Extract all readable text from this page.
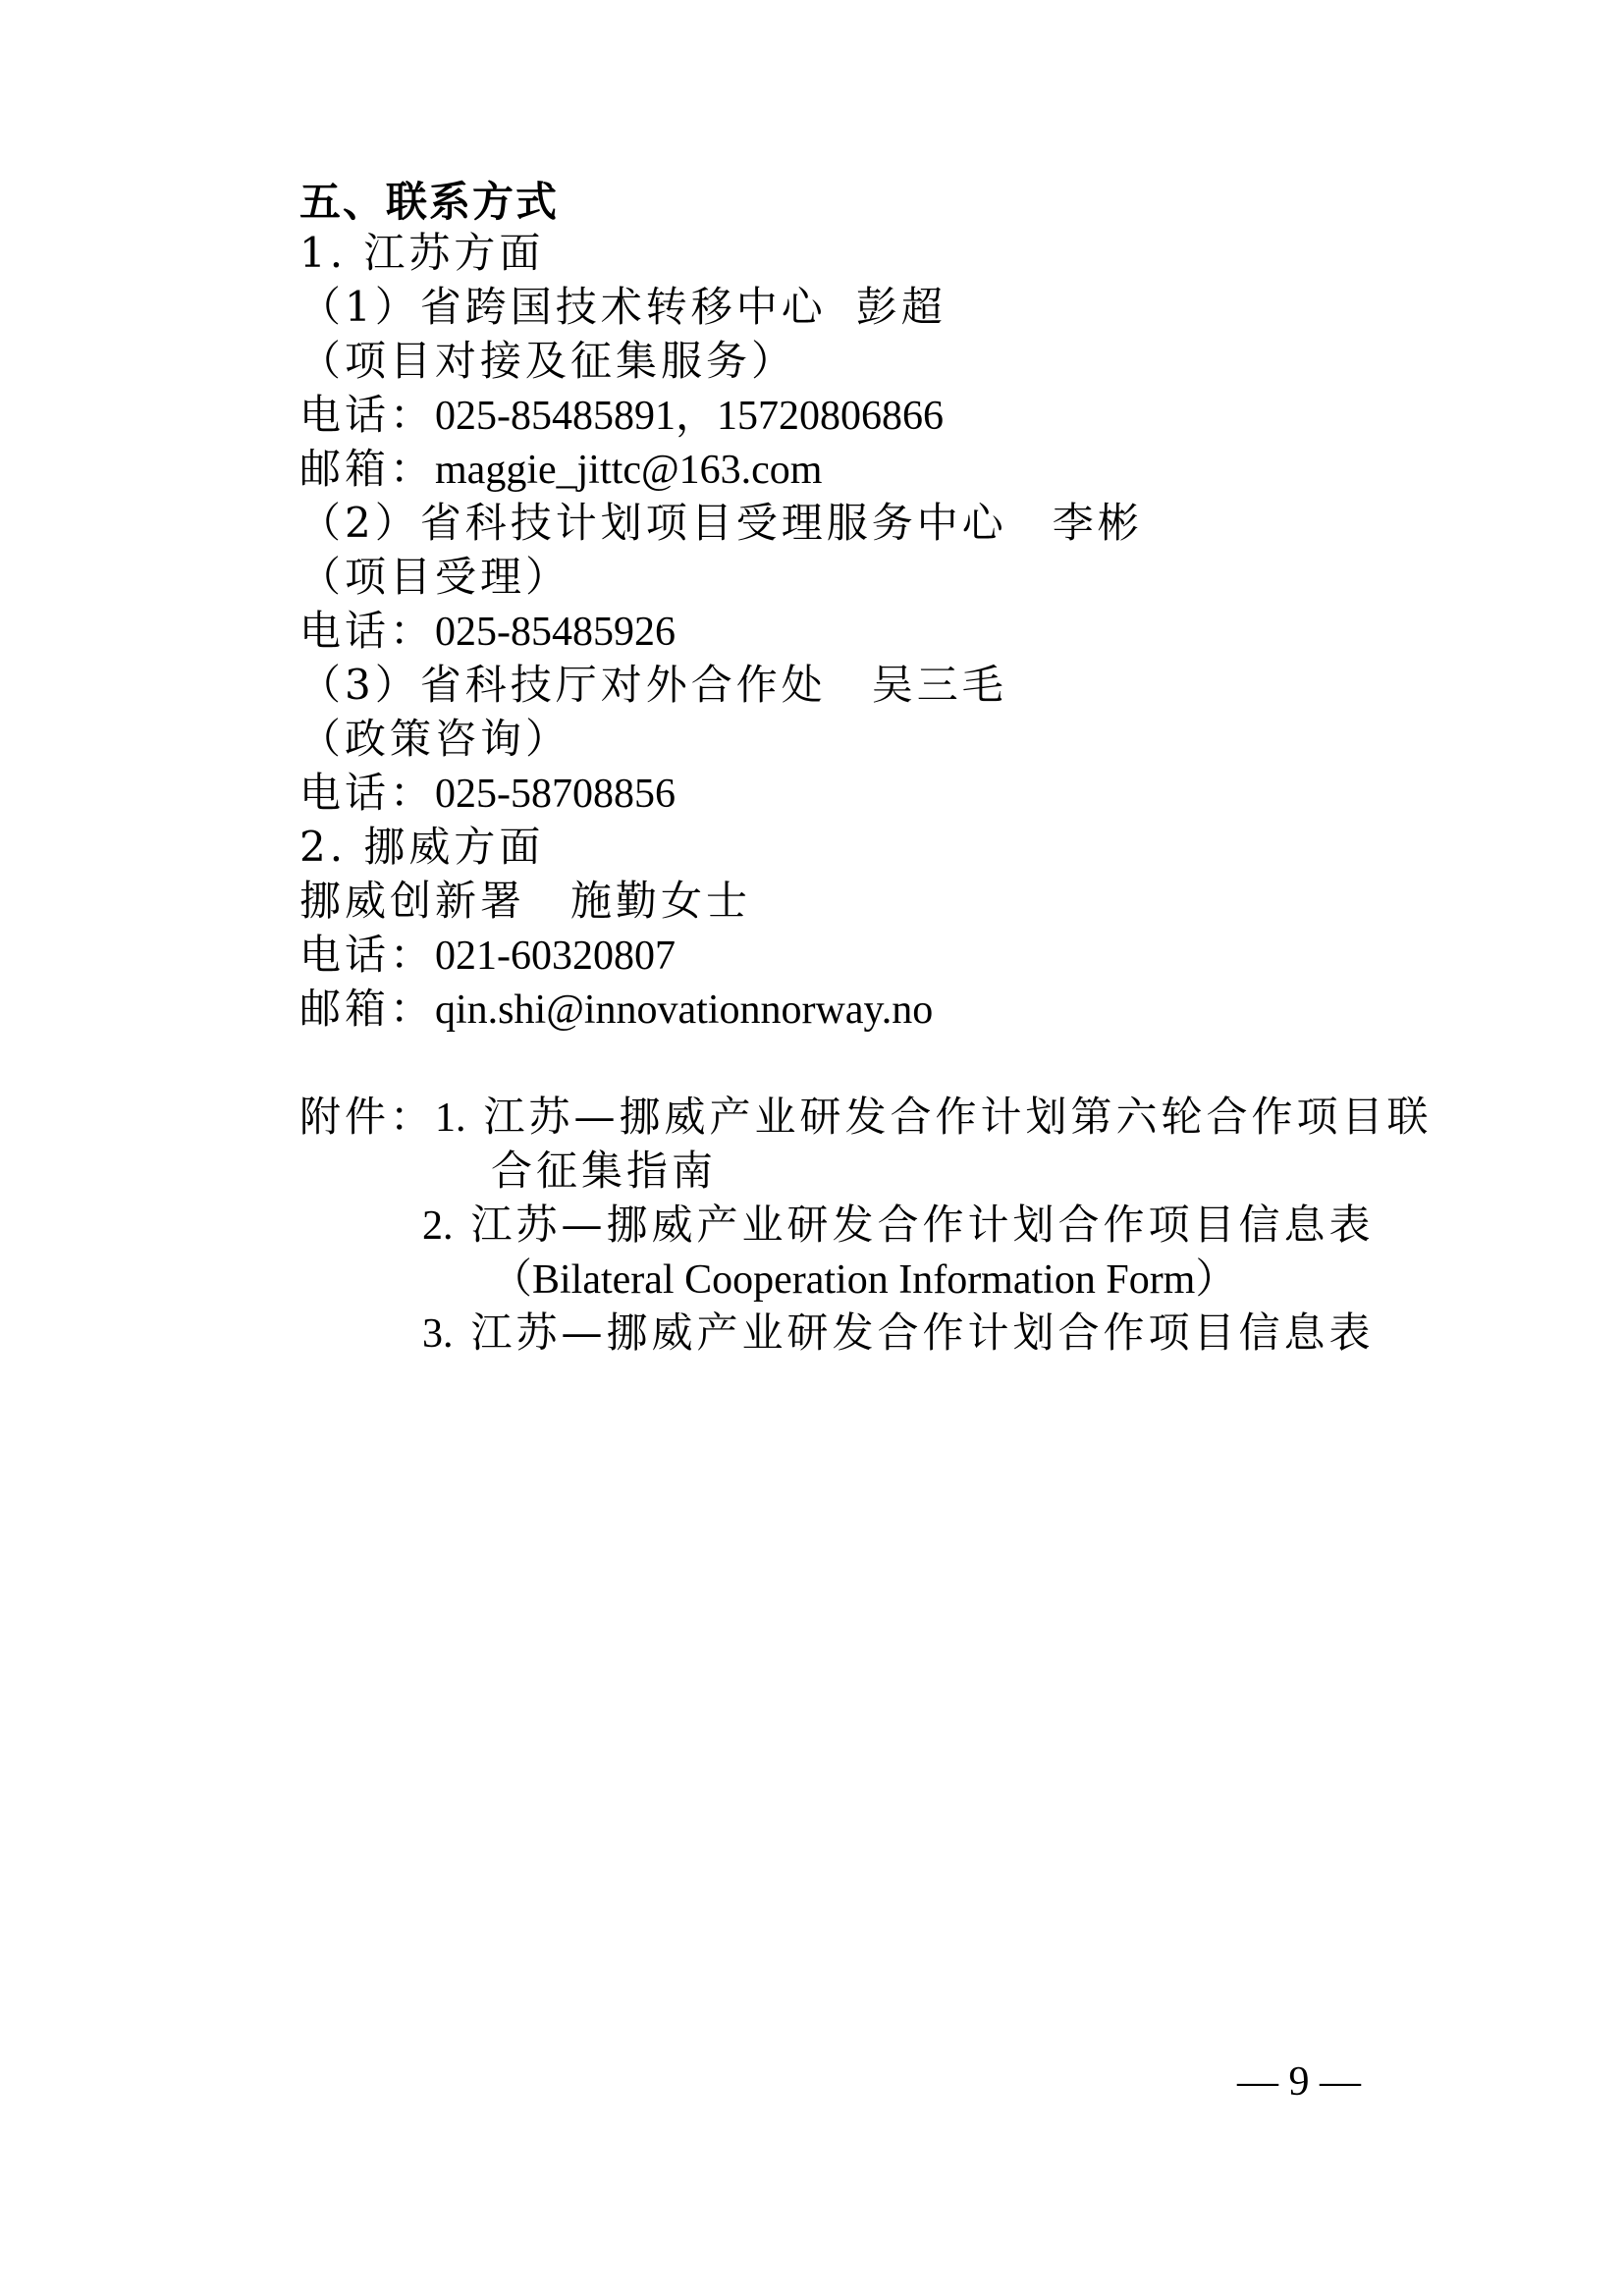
五、联系方式
1. 江苏方面
（1）省跨国技术转移中心 彭超
（项目对接及征集服务）
电话：025-85485891，15720806866
邮箱：maggie_jittc@163.com
（2）省科技计划项目受理服务中心 李彬
（项目受理）
电话：025-85485926
（3）省科技厅对外合作处 吴三毛
（政策咨询）
电话：025-58708856
2. 挪威方面
挪威创新署 施勤女士
电话：021-60320807
邮箱：qin.shi@innovationnorway.no
附件：1. 江苏—挪威产业研发合作计划第六轮合作项目联
合征集指南
2. 江苏—挪威产业研发合作计划合作项目信息表
（Bilateral Cooperation Information Form）
3. 江苏—挪威产业研发合作计划合作项目信息表
— 9 —
